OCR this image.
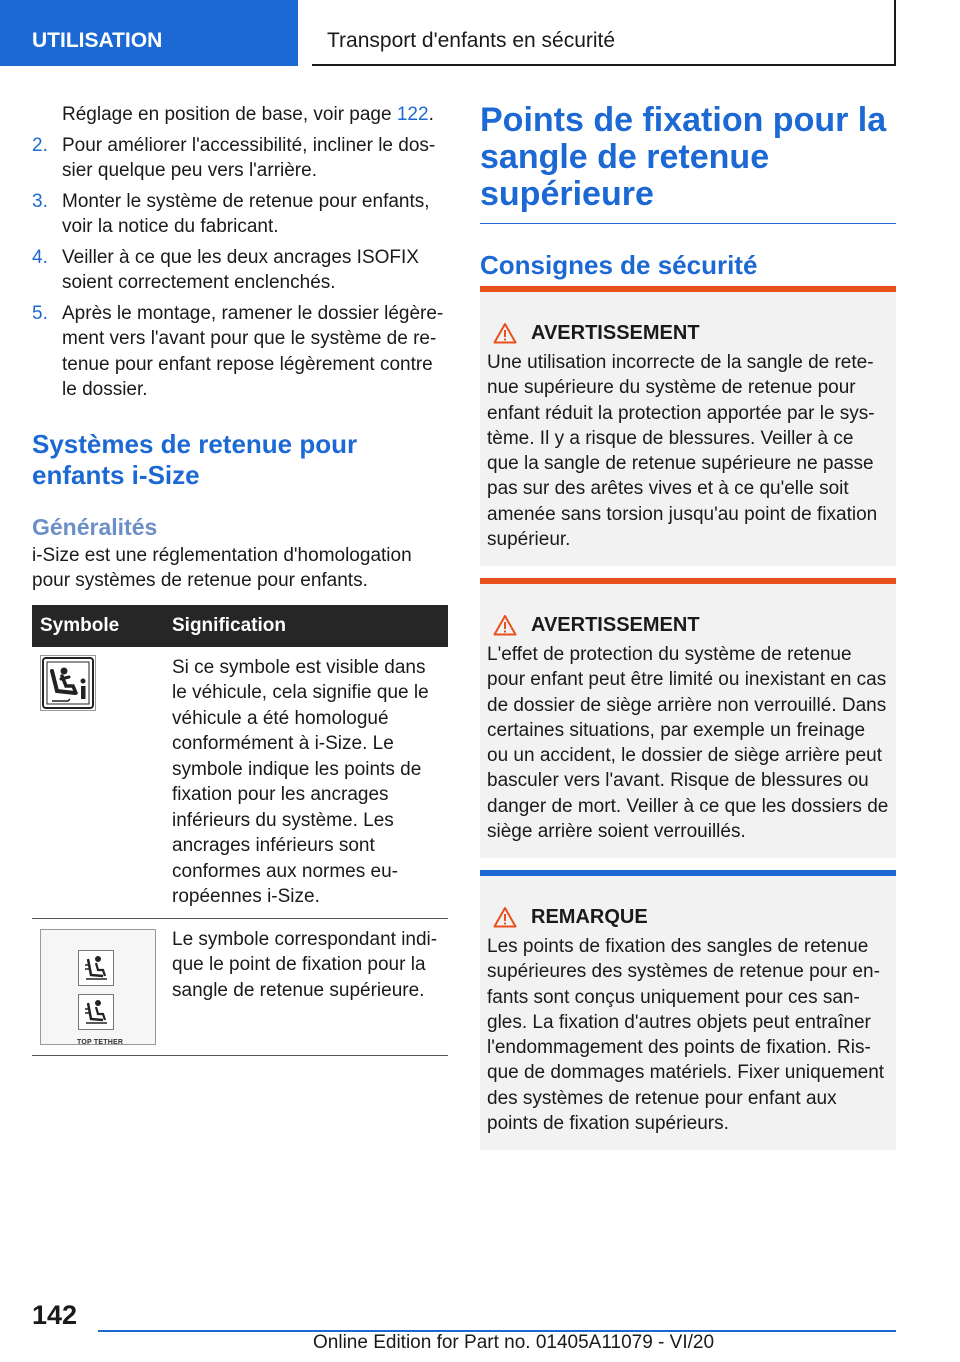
UTILISATION	Transport d'enfants en sécurité
Réglage en position de base, voir page 122.
2. Pour améliorer l'accessibilité, incliner le dossier quelque peu vers l'arrière.
3. Monter le système de retenue pour enfants, voir la notice du fabricant.
4. Veiller à ce que les deux ancrages ISOFIX soient correctement enclenchés.
5. Après le montage, ramener le dossier légèrement vers l'avant pour que le système de retenue pour enfant repose légèrement contre le dossier.
Systèmes de retenue pour enfants i-Size
Généralités
i-Size est une réglementation d'homologation pour systèmes de retenue pour enfants.
Symbole	Signification

	Si ce symbole est visible dans le véhicule, cela signifie que le véhicule a été homologué conformément à i-Size. Le symbole indique les points de fixation pour les ancrages inférieurs du système. Les ancrages inférieurs sont conformes aux normes européennes i-Size.

TOP TETHER	Le symbole correspondant indique le point de fixation pour la sangle de retenue supérieure.
Points de fixation pour la sangle de retenue supérieure
Consignes de sécurité
AVERTISSEMENT
Une utilisation incorrecte de la sangle de retenue supérieure du système de retenue pour enfant réduit la protection apportée par le système. Il y a risque de blessures. Veiller à ce que la sangle de retenue supérieure ne passe pas sur des arêtes vives et à ce qu'elle soit amenée sans torsion jusqu'au point de fixation supérieur.
AVERTISSEMENT
L'effet de protection du système de retenue pour enfant peut être limité ou inexistant en cas de dossier de siège arrière non verrouillé. Dans certaines situations, par exemple un freinage ou un accident, le dossier de siège arrière peut basculer vers l'avant. Risque de blessures ou danger de mort. Veiller à ce que les dossiers de siège arrière soient verrouillés.
REMARQUE
Les points de fixation des sangles de retenue supérieures des systèmes de retenue pour enfants sont conçus uniquement pour ces sangles. La fixation d'autres objets peut entraîner l'endommagement des points de fixation. Risque de dommages matériels. Fixer uniquement des systèmes de retenue pour enfant aux points de fixation supérieurs.
142
Online Edition for Part no. 01405A11079 - VI/20
